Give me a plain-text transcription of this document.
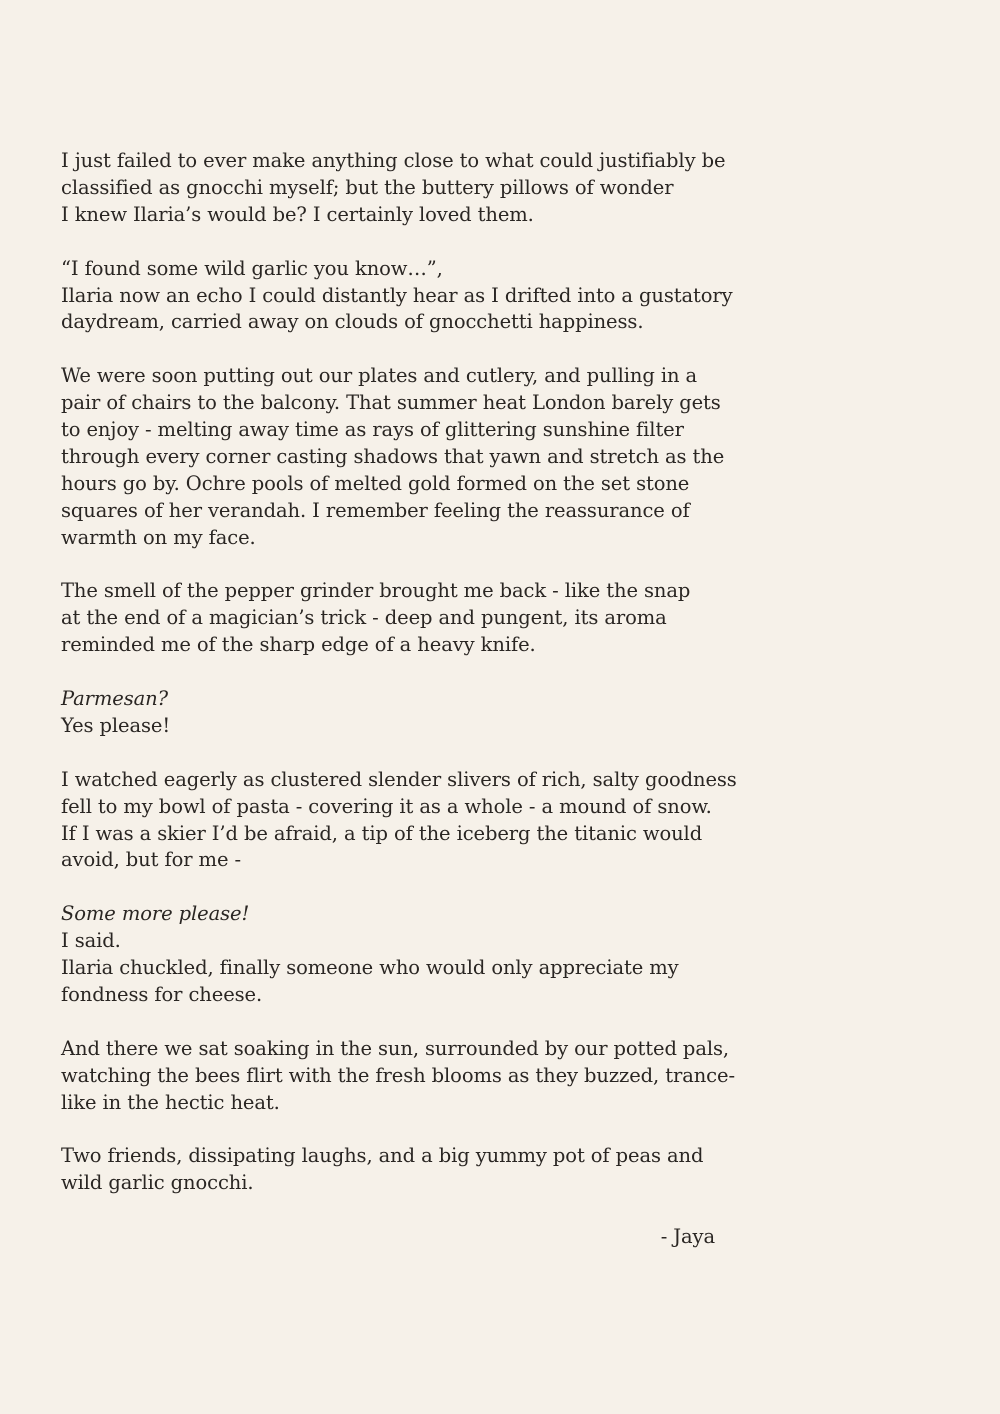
I just failed to ever make anything close to what could justifiably be
classified as gnocchi myself; but the buttery pillows of wonder
I knew Ilaria’s would be? I certainly loved them.
“I found some wild garlic you know…”,
Ilaria now an echo I could distantly hear as I drifted into a gustatory
daydream, carried away on clouds of gnocchetti happiness.
We were soon putting out our plates and cutlery, and pulling in a
pair of chairs to the balcony. That summer heat London barely gets
to enjoy - melting away time as rays of glittering sunshine filter
through every corner casting shadows that yawn and stretch as the
hours go by. Ochre pools of melted gold formed on the set stone
squares of her verandah. I remember feeling the reassurance of
warmth on my face.
The smell of the pepper grinder brought me back - like the snap
at the end of a magician’s trick - deep and pungent, its aroma
reminded me of the sharp edge of a heavy knife.
Parmesan?
Yes please!
I watched eagerly as clustered slender slivers of rich, salty goodness
fell to my bowl of pasta - covering it as a whole - a mound of snow.
If I was a skier I’d be afraid, a tip of the iceberg the titanic would
avoid, but for me -
Some more please!
I said.
Ilaria chuckled, finally someone who would only appreciate my
fondness for cheese.
And there we sat soaking in the sun, surrounded by our potted pals,
watching the bees flirt with the fresh blooms as they buzzed, trance-
like in the hectic heat.
Two friends, dissipating laughs, and a big yummy pot of peas and
wild garlic gnocchi.
- Jaya
